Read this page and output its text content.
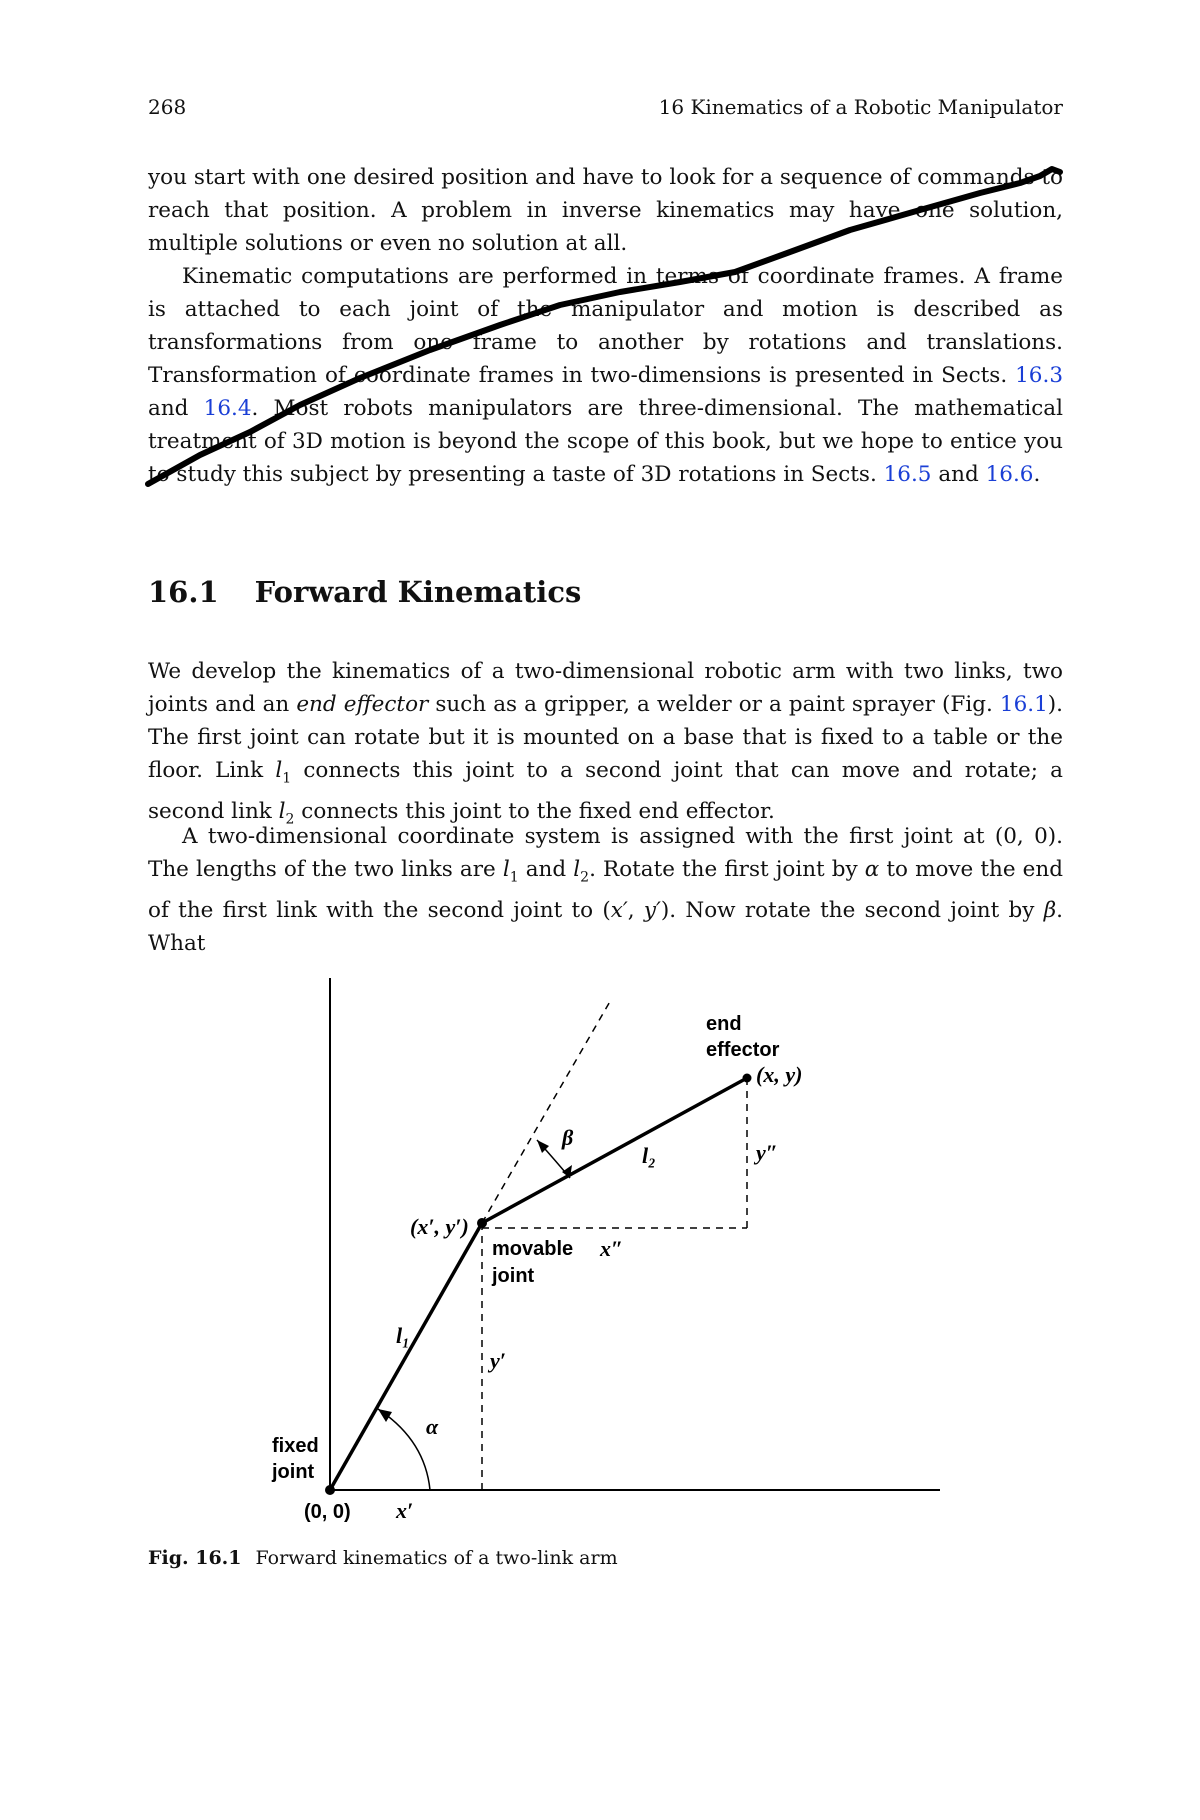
268	16 Kinematics of a Robotic Manipulator

you start with one desired position and have to look for a sequence of commands to reach that position. A problem in inverse kinematics may have one solution, multiple solutions or even no solution at all.

Kinematic computations are performed in terms of coordinate frames. A frame is attached to each joint of the manipulator and motion is described as transformations from one frame to another by rotations and translations. Transformation of coordinate frames in two-dimensions is presented in Sects. 16.3 and 16.4. Most robots manipulators are three-dimensional. The mathematical treatment of 3D motion is beyond the scope of this book, but we hope to entice you to study this subject by presenting a taste of 3D rotations in Sects. 16.5 and 16.6.

16.1 Forward Kinematics

We develop the kinematics of a two-dimensional robotic arm with two links, two joints and an end effector such as a gripper, a welder or a paint sprayer (Fig. 16.1). The first joint can rotate but it is mounted on a base that is fixed to a table or the floor. Link $l_1$ connects this joint to a second joint that can move and rotate; a second link $l_2$ connects this joint to the fixed end effector.

A two-dimensional coordinate system is assigned with the first joint at (0, 0). The lengths of the two links are $l_1$ and $l_2$. Rotate the first joint by α to move the end of the first link with the second joint to (x′, y′). Now rotate the second joint by β. What

end
effector
(x, y)
β
l₂	y″
(x′, y′)
movable
joint
x″
l₁
y′
α
fixed
joint
(0, 0) x′
Fig. 16.1 Forward kinematics of a two-link arm
